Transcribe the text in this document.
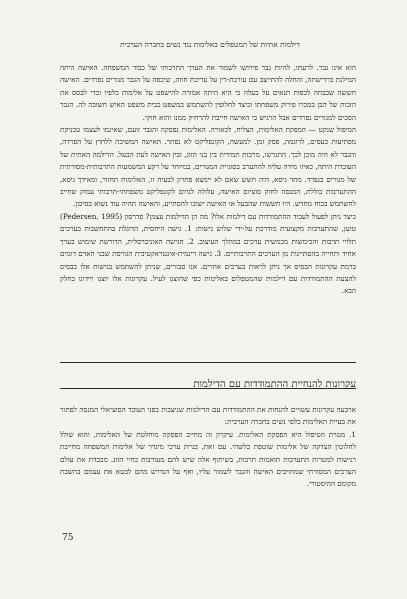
דילמות אתיות של המטפלים באלימות נגד נשים בחברה הערבית

הוא אינו גבר. לרעתו, להיות גבר פירושו לשמור את הערך התרבותי של כבוד המשפחה. האישה היתה המילנת ברדישתה, והחלה להתייצב עם עורכת‑דין על עריכת חוזה, שיכפה על הגבר מגורים נפרדים. האישה חששה שבבחה לכפות תנאים על בעלה כי היא היתה אמורה להישפט על אלימות כלפיו וכדי לבסס את הזכות של הבן במכרו פירוק משפחתו וכיצד לחלופין להשתמש במשפט כבית משפט האיש חשובה לה. הגבר הסכים למגורים נפרדים אבל הרגיש כי האישה חייבת להרחיק ממנו והוא חוקי.

המיפול שנקט — המפקת האלימות, הצליח, לכאורה. האלימות נפסקה והגבר זועם, שאינמו לעצמו טכניקת מפתיעות כעסים, לרוגמה, פסק זמן. למעשה, הקונפליקט לא נפתר. האישה המשיכה ללחוץ על הפרדה, והגבר לא היה מוכן לכך. התגרשו, מרכזת תמידית בין בני הזוג, ובין האישה לעת הבעל. הדילמה האתית של העובדת היתה, כאיזו מידה עליה להתערב בסוגיית המגורים, במיוחד על רקע המשמעות התרבותית‑מסורתית של מגורים בנפרד. מחד גיסא, היה חשש שאם לא יימצא פתרון לבעיה זו, האלימות תחזור, ומאידך גיסא, ההתערבות כוללת, המנסה לחזק סוציום האישה, עלולה לגרום לקונפליקט משפחתי‑תרבותי עמוק שחייב להשתמש בכוח מחדש. היו חששות שהבעל או האישה ישובו להסתייע, והאישה תהיה עוד נשוא בסיכון.

כיצד ניתן לפעול לעבוד ההתמודדות עם דילמות אלו? מה הן הדילמות עצמן? פדרסון (Pedersen, 1995) טוען, שהתערבות מקצועית מודרכת על‑ידי שלוש גישות: 1. גישה היחסית, הדוגלת בהתחשבות בערכים תלויי תרבות והכימשות מכמשית ערכים במהלך העיצוב. 2. הגישה האוניברסלית, הדורשת שימוש בערך אחיד ותחייה בהסתייגות מן הערכים התרבותיים. 3. גישה דינמית‑אינטראקטיבית הגורסת שבני האדם דומים ברמת עקרונות הבסיס אך ניתן לראות בערכים אחרים. אנו סבורים, שניתן להשתמש בגישות אלו כבסיס להצעת ההתמודדות עם דילמות שהמטפלים באלימות כפי שהוצגו לעיל. עקרונות אלו יוצגו ויידונו בחלק הבא.

עקרונות להנחיית ההתמודדות עם הדילמות

ארבעה עקרונות עשויים להנחות את ההתמודדות עם הדילמות שניצבות בפני העובד הסוציאלי המנסה לפתור את בעיית האלימות כלפי נשים בחברה הערבית:

1. מטרת הטיפול היא הפסקת האלימות. עיקרון זה מחייב הפסקה מוחלטת של האלימות, והוא שולל לחלוטין הצדקה של אלימות שוטפת כלשהי. עם זאת, בניית ערכי מיגדר של אלימות המשפחה מחייבת רגישות למטרות התערבות תואמות תרבות, בשיתוף אלה שיש להם מעורבות בחיי הזוג. מכבדת את עולם הערכים המסורתי שמחויבים האישה והגבר לשמור עליו, ואף על הנדרש מהם לבטא את עצמם בהשבת מקומם ההיסטורי.

75
